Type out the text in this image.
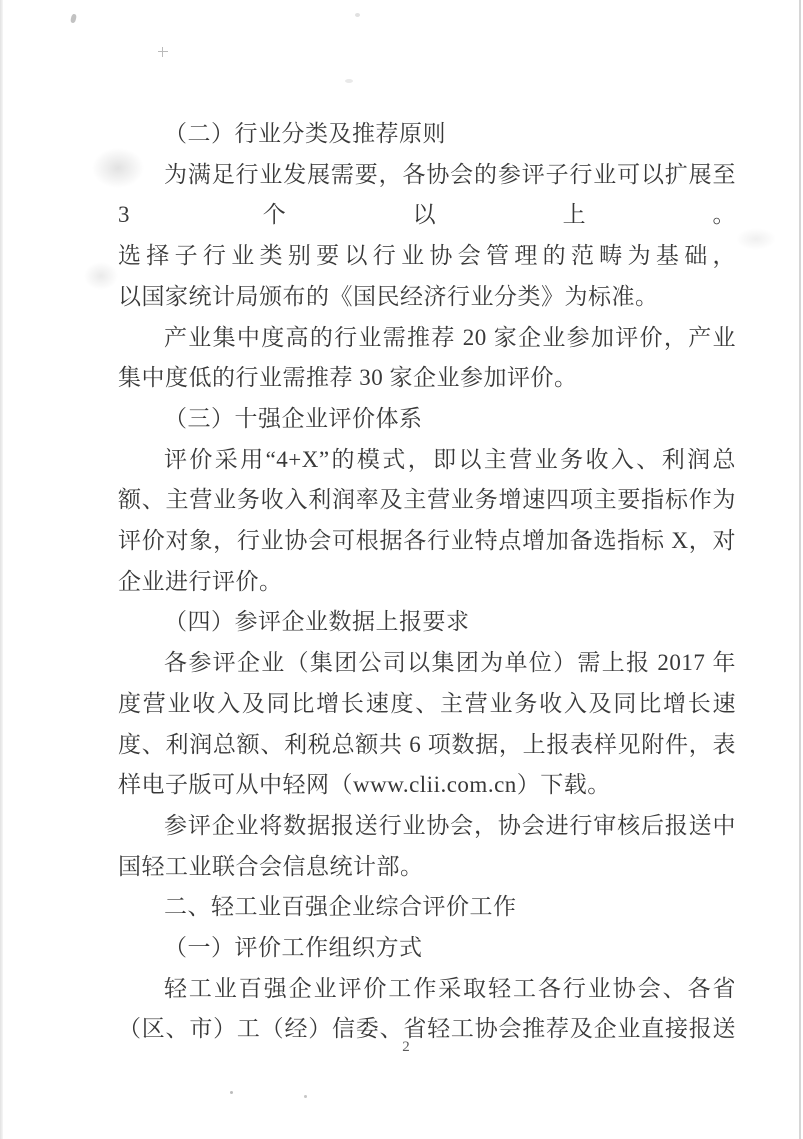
（二）行业分类及推荐原则

为满足行业发展需要，各协会的参评子行业可以扩展至

3 个以上。选择子行业类别要以行业协会管理的范畴为基础，

以国家统计局颁布的《国民经济行业分类》为标准。

产业集中度高的行业需推荐 20 家企业参加评价，产业

集中度低的行业需推荐 30 家企业参加评价。

（三）十强企业评价体系

评价采用“4+X”的模式，即以主营业务收入、利润总

额、主营业务收入利润率及主营业务增速四项主要指标作为

评价对象，行业协会可根据各行业特点增加备选指标 X，对

企业进行评价。

（四）参评企业数据上报要求

各参评企业（集团公司以集团为单位）需上报 2017 年

度营业收入及同比增长速度、主营业务收入及同比增长速

度、利润总额、利税总额共 6 项数据，上报表样见附件，表

样电子版可从中轻网（www.clii.com.cn）下载。

参评企业将数据报送行业协会，协会进行审核后报送中

国轻工业联合会信息统计部。

二、轻工业百强企业综合评价工作

（一）评价工作组织方式

轻工业百强企业评价工作采取轻工各行业协会、各省

（区、市）工（经）信委、省轻工协会推荐及企业直接报送

2
